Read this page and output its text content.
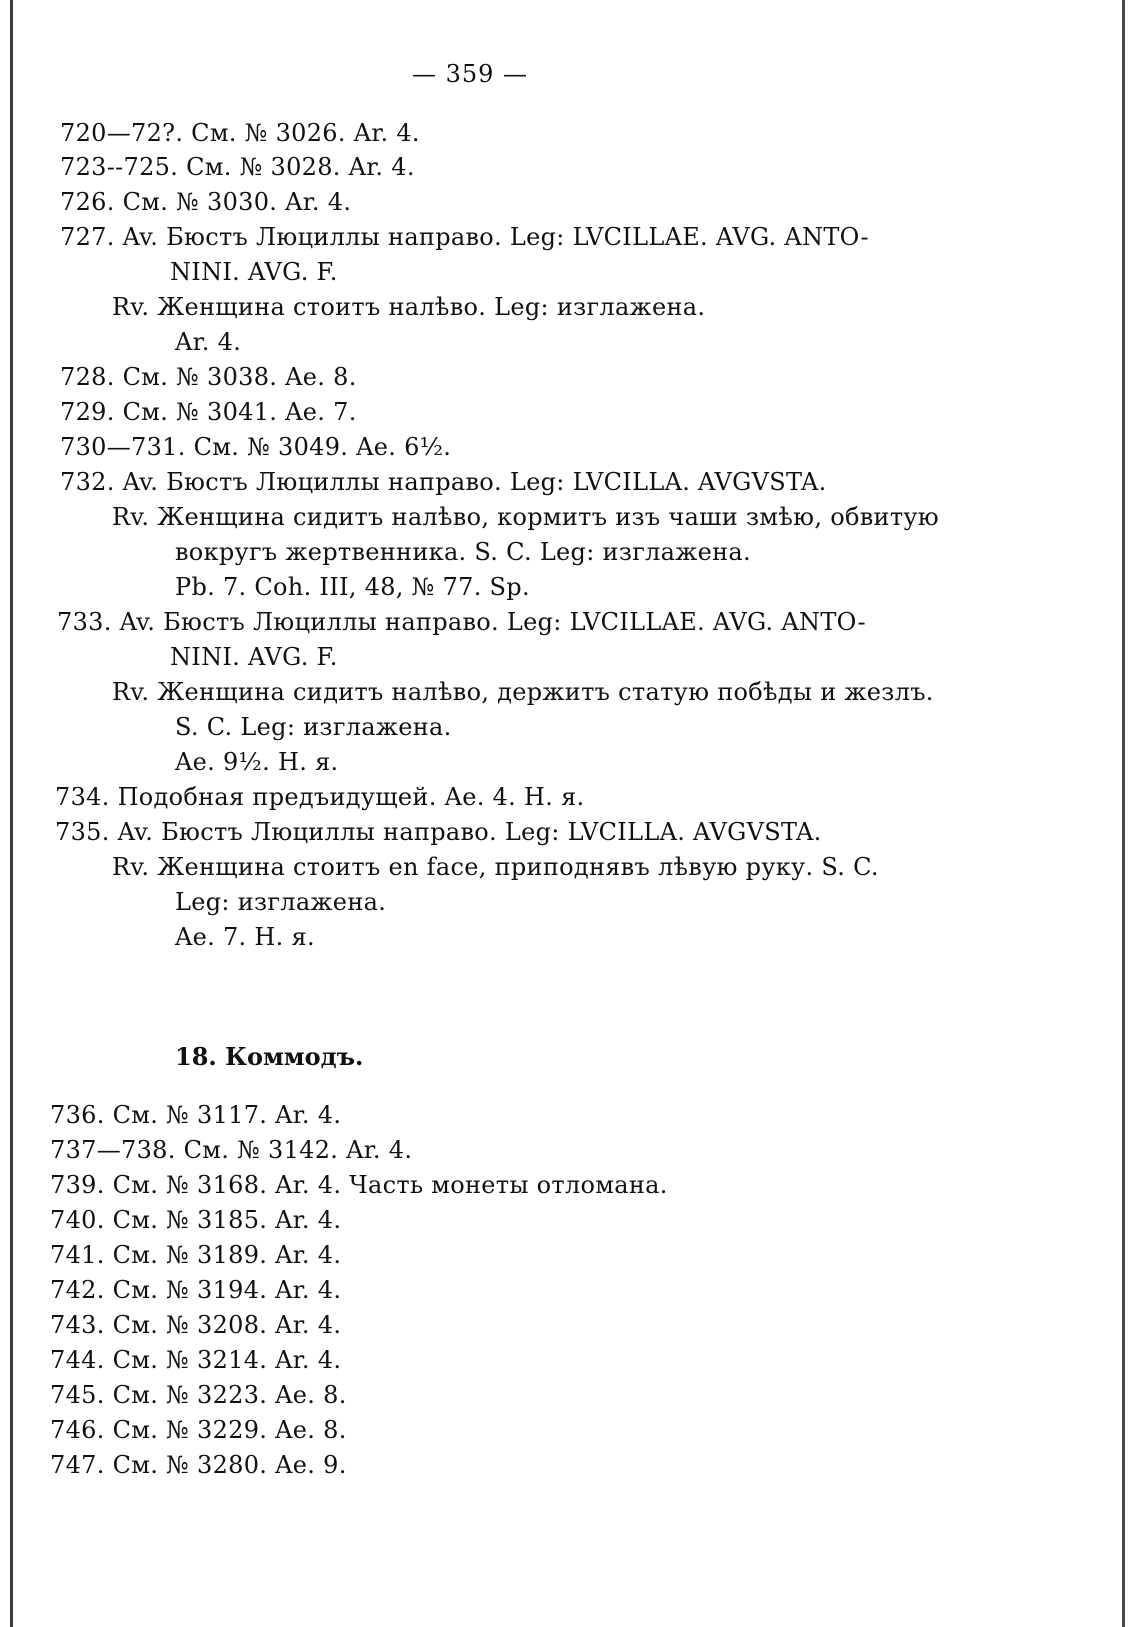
— 359 —
720—72?. См. № 3026. Ar. 4.
723--725. См. № 3028. Ar. 4.
726. См. № 3030. Ar. 4.
727. Av. Бюстъ Люциллы направо. Leg: LVCILLAE. AVG. ANTO-
NINI. AVG. F.
Rv. Женщина стоитъ налѣво. Leg: изглажена.
Ar. 4.
728. См. № 3038. Ae. 8.
729. См. № 3041. Ae. 7.
730—731. См. № 3049. Ae. 6½.
732. Av. Бюстъ Люциллы направо. Leg: LVCILLA. AVGVSTA.
Rv. Женщина сидитъ налѣво, кормитъ изъ чаши змѣю, обвитую
вокругъ жертвенника. S. C. Leg: изглажена.
Pb. 7. Coh. III, 48, № 77. Sp.
733. Av. Бюстъ Люциллы направо. Leg: LVCILLAE. AVG. ANTO-
NINI. AVG. F.
Rv. Женщина сидитъ налѣво, держитъ статую побѣды и жезлъ.
S. C. Leg: изглажена.
Ae. 9½. Н. я.
734. Подобная предъидущей. Ae. 4. Н. я.
735. Av. Бюстъ Люциллы направо. Leg: LVCILLA. AVGVSTA.
Rv. Женщина стоитъ en face, приподнявъ лѣвую руку. S. C.
Leg: изглажена.
Ae. 7. Н. я.
18. Коммодъ.
736. См. № 3117. Ar. 4.
737—738. См. № 3142. Ar. 4.
739. См. № 3168. Ar. 4. Часть монеты отломана.
740. См. № 3185. Ar. 4.
741. См. № 3189. Ar. 4.
742. См. № 3194. Ar. 4.
743. См. № 3208. Ar. 4.
744. См. № 3214. Ar. 4.
745. См. № 3223. Ae. 8.
746. См. № 3229. Ae. 8.
747. См. № 3280. Ae. 9.
